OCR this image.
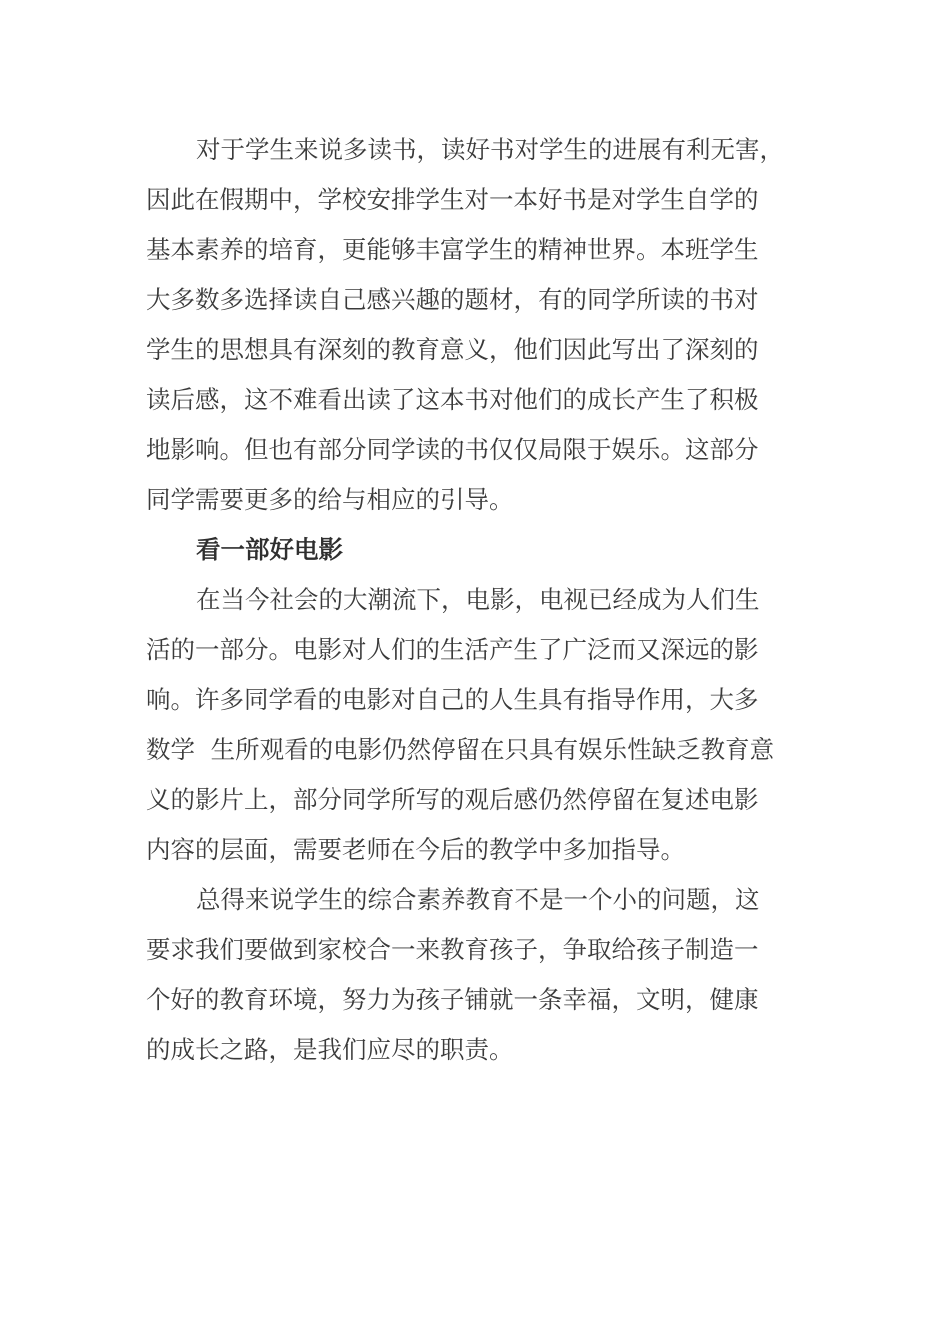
对于学生来说多读书，读好书对学生的进展有利无害，
因此在假期中，学校安排学生对一本好书是对学生自学的
基本素养的培育，更能够丰富学生的精神世界。本班学生
大多数多选择读自己感兴趣的题材，有的同学所读的书对
学生的思想具有深刻的教育意义，他们因此写出了深刻的
读后感，这不难看出读了这本书对他们的成长产生了积极
地影响。但也有部分同学读的书仅仅局限于娱乐。这部分
同学需要更多的给与相应的引导。
看一部好电影
在当今社会的大潮流下，电影，电视已经成为人们生
活的一部分。电影对人们的生活产生了广泛而又深远的影
响。许多同学看的电影对自己的人生具有指导作用，大多
数学  生所观看的电影仍然停留在只具有娱乐性缺乏教育意
义的影片上，部分同学所写的观后感仍然停留在复述电影
内容的层面，需要老师在今后的教学中多加指导。
总得来说学生的综合素养教育不是一个小的问题，这
要求我们要做到家校合一来教育孩子，争取给孩子制造一
个好的教育环境，努力为孩子铺就一条幸福，文明，健康
的成长之路，是我们应尽的职责。
